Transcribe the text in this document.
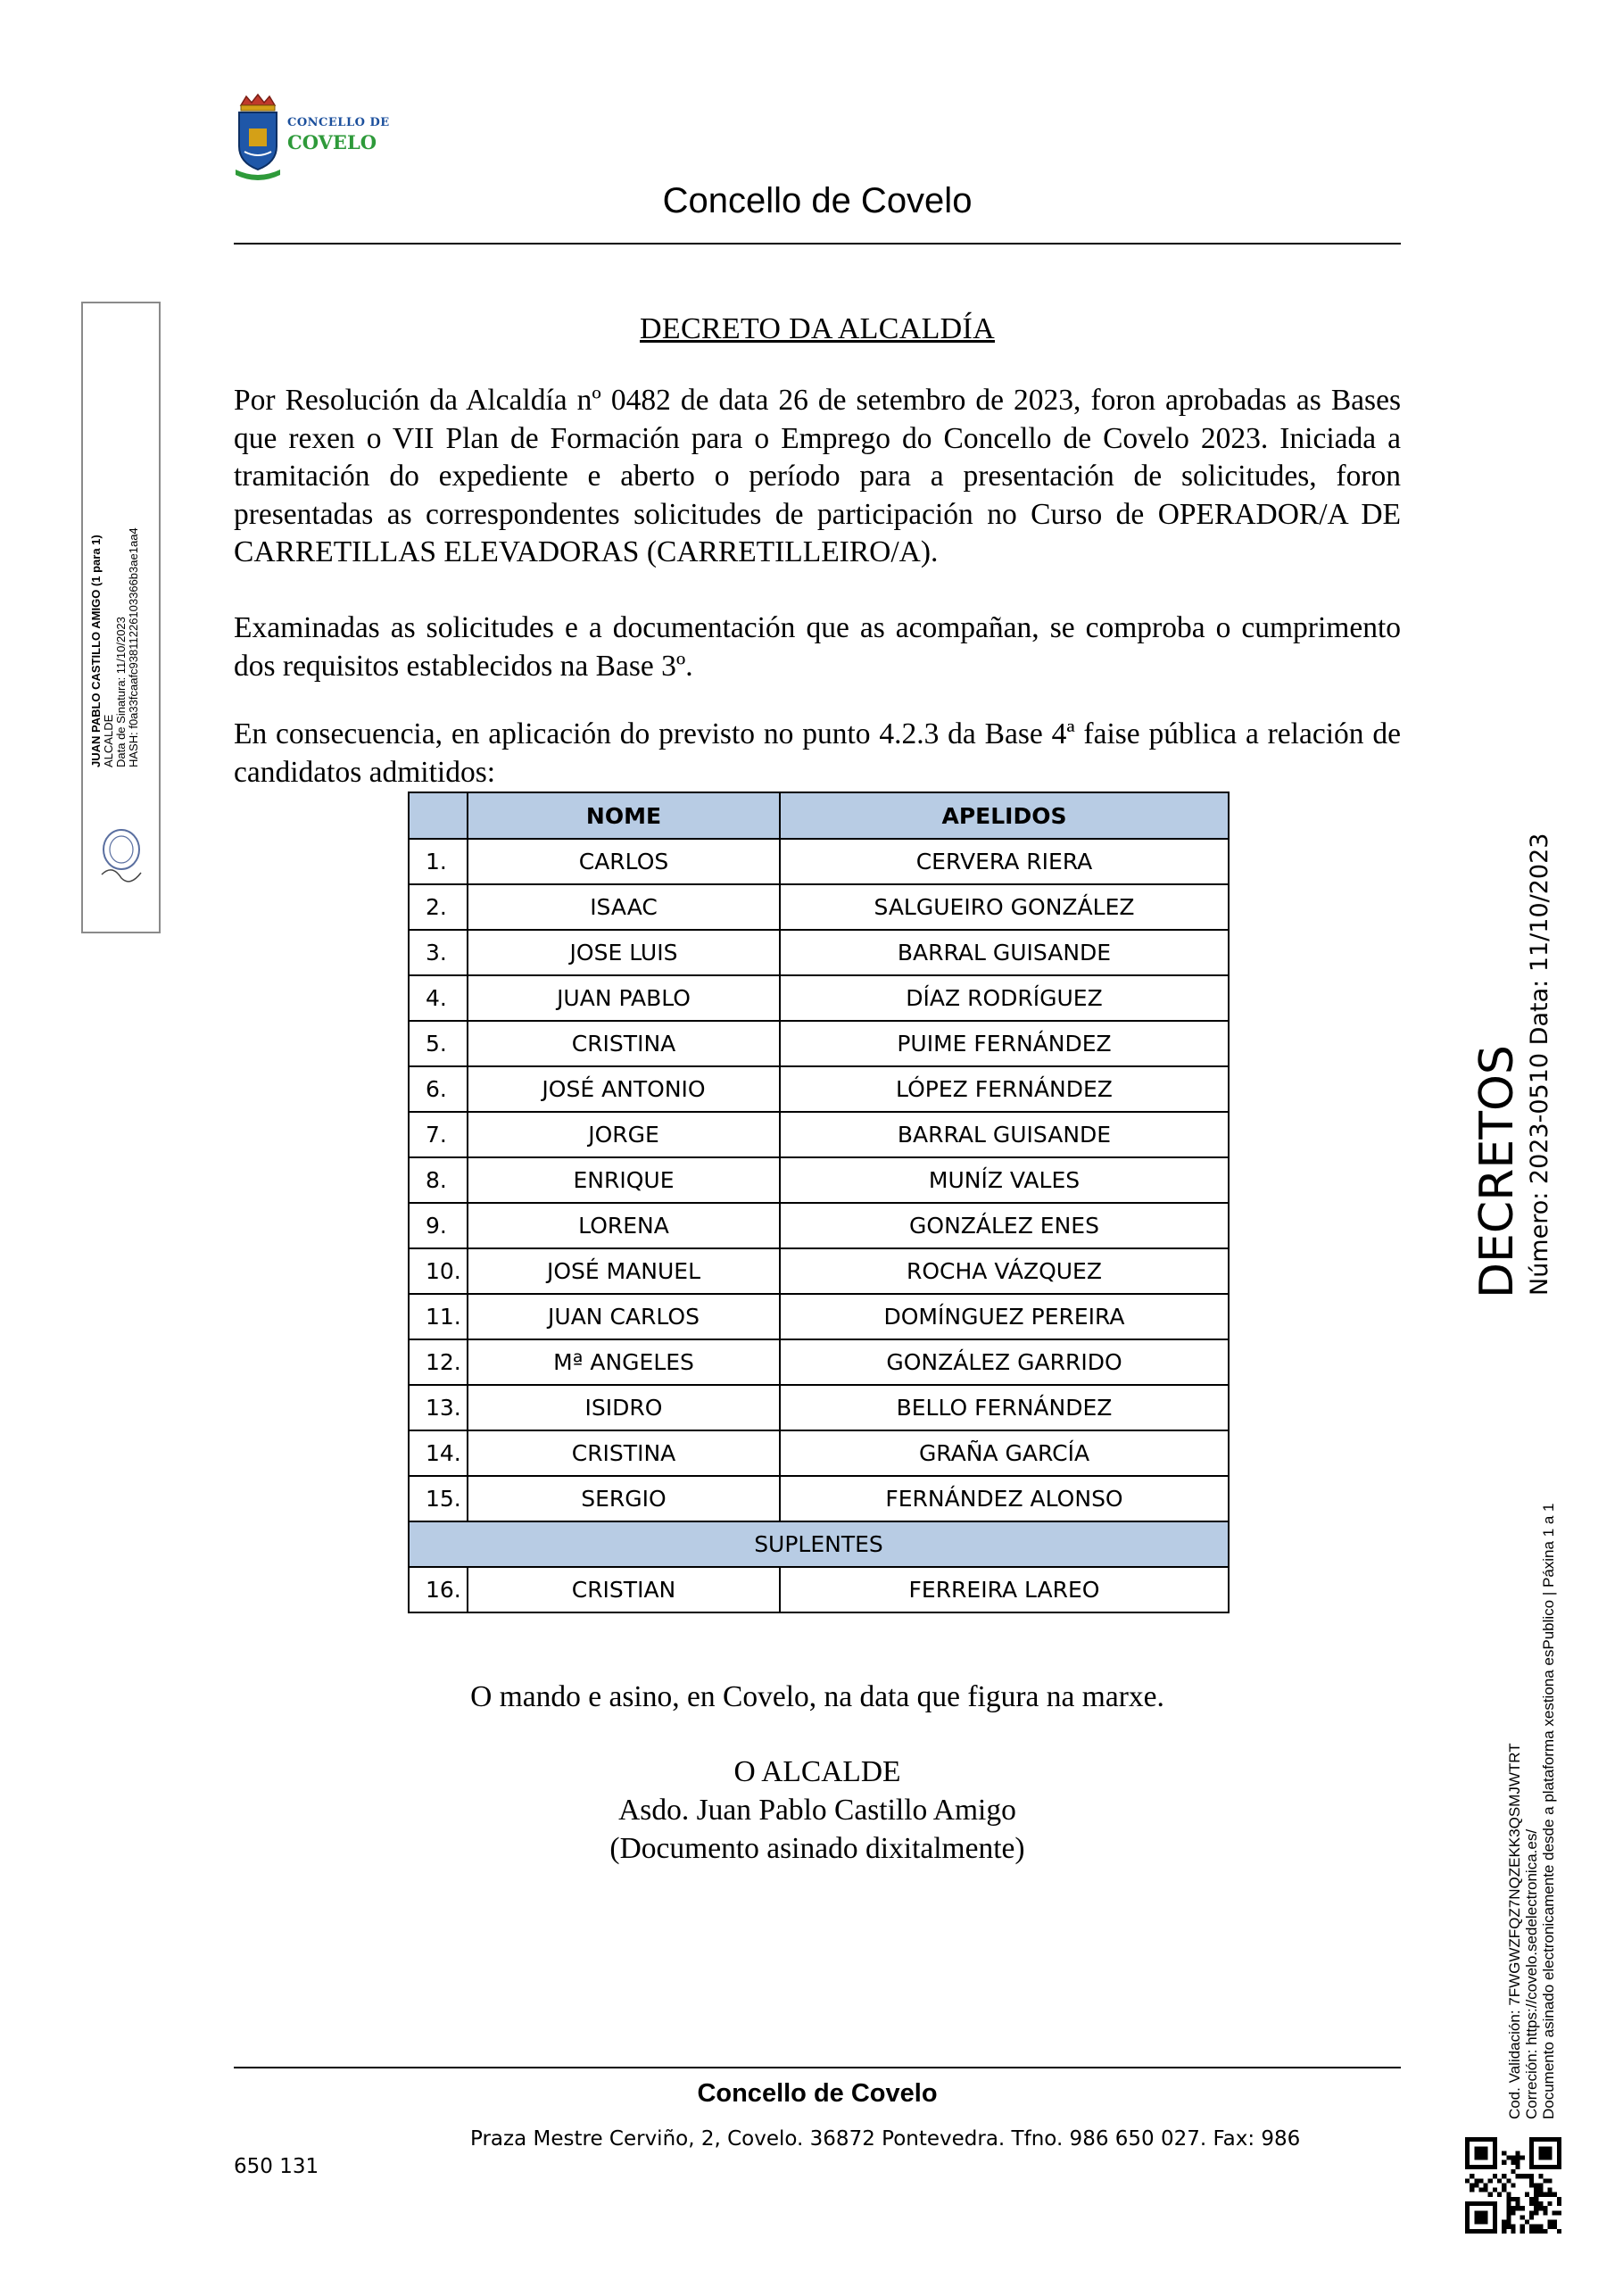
CONCELLO DE
COVELO
Concello de Covelo
DECRETO DA ALCALDÍA
Por Resolución da Alcaldía nº 0482 de data 26 de setembro de 2023, foron aprobadas as Bases que rexen o VII Plan de Formación para o Emprego do Concello de Covelo 2023. Iniciada a tramitación do expediente e aberto o período para a presentación de solicitudes, foron presentadas as correspondentes solicitudes de participación no Curso de OPERADOR/A DE CARRETILLAS ELEVADORAS (CARRETILLEIRO/A).
Examinadas as solicitudes e a documentación que as acompañan, se comproba o cumprimento dos requisitos establecidos na Base 3º.
En consecuencia, en aplicación do previsto no punto 4.2.3 da Base 4ª faise pública a relación de candidatos admitidos:
	NOME	APELIDOS
1.	CARLOS	CERVERA RIERA
2.	ISAAC	SALGUEIRO GONZÁLEZ
3.	JOSE LUIS	BARRAL GUISANDE
4.	JUAN PABLO	DÍAZ RODRÍGUEZ
5.	CRISTINA	PUIME FERNÁNDEZ
6.	JOSÉ ANTONIO	LÓPEZ FERNÁNDEZ
7.	JORGE	BARRAL GUISANDE
8.	ENRIQUE	MUNÍZ VALES
9.	LORENA	GONZÁLEZ ENES
10.	JOSÉ MANUEL	ROCHA VÁZQUEZ
11.	JUAN CARLOS	DOMÍNGUEZ PEREIRA
12.	Mª ANGELES	GONZÁLEZ GARRIDO
13.	ISIDRO	BELLO FERNÁNDEZ
14.	CRISTINA	GRAÑA GARCÍA
15.	SERGIO	FERNÁNDEZ ALONSO
SUPLENTES		
16.	CRISTIAN	FERREIRA LAREO
O mando e asino, en Covelo, na data que figura na marxe.
O ALCALDE
Asdo. Juan Pablo Castillo Amigo
(Documento asinado dixitalmente)
Concello de Covelo
Praza Mestre Cerviño, 2, Covelo. 36872 Pontevedra. Tfno. 986 650 027. Fax: 986
650 131
JUAN PABLO CASTILLO AMIGO (1 para 1) ALCALDE Data de Sinatura: 11/10/2023 HASH: f0a33fcaafc93811226103366b3ae1aa4
DECRETOS Número: 2023-0510 Data: 11/10/2023
Cod. Validación: 7FWGWZFQZ7NQZEKK3QSMJWTRT
Correción: https://covelo.sedelectronica.es/
Documento asinado electronicamente desde a plataforma xestiona esPublico | Páxina 1 a 1
